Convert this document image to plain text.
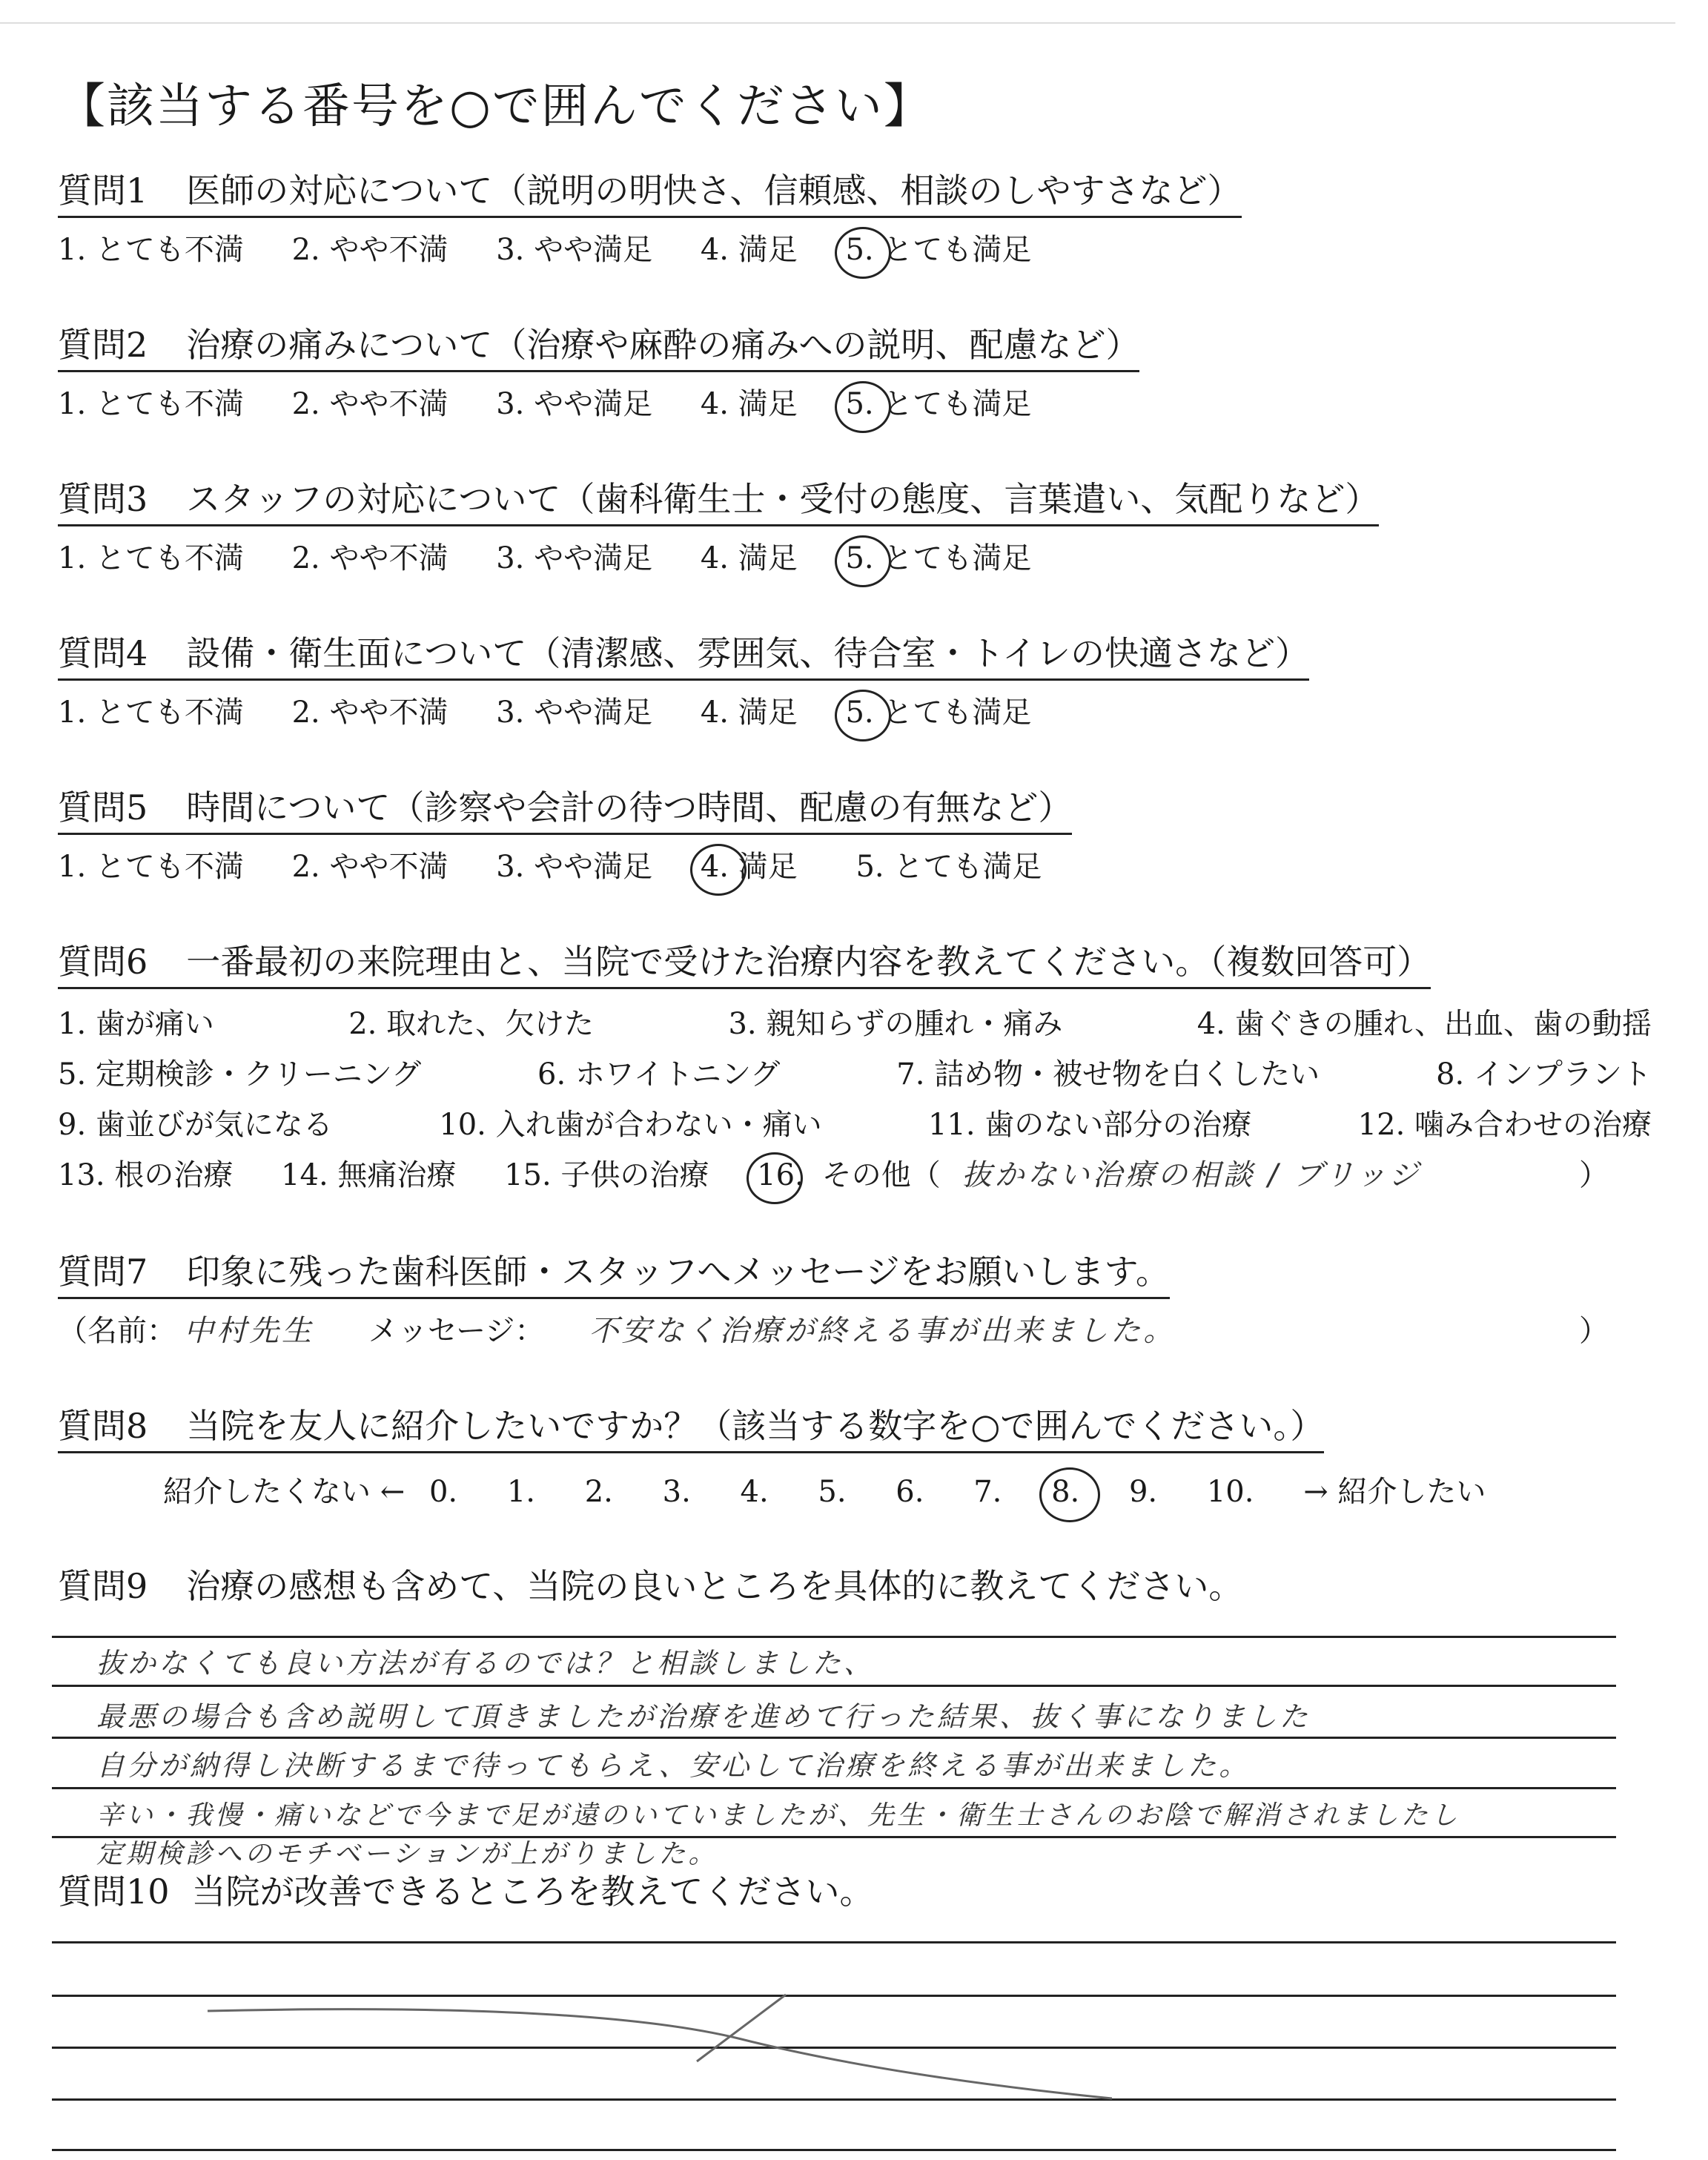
【該当する番号を○で囲んでください】
質問1 医師の対応について（説明の明快さ、信頼感、相談のしやすさなど）
1. とても不満 2. やや不満 3. やや満足 4. 満足 5. とても満足
質問2 治療の痛みについて（治療や麻酔の痛みへの説明、配慮など）
1. とても不満 2. やや不満 3. やや満足 4. 満足 5. とても満足
質問3 スタッフの対応について（歯科衛生士・受付の態度、言葉遣い、気配りなど）
1. とても不満 2. やや不満 3. やや満足 4. 満足 5. とても満足
質問4 設備・衛生面について（清潔感、雰囲気、待合室・トイレの快適さなど）
1. とても不満 2. やや不満 3. やや満足 4. 満足 5. とても満足
質問5 時間について（診察や会計の待つ時間、配慮の有無など）
1. とても不満 2. やや不満 3. やや満足 4. 満足 5. とても満足
質問6 一番最初の来院理由と、当院で受けた治療内容を教えてください。（複数回答可）
1. 歯が痛い	2. 取れた、欠けた	3. 親知らずの腫れ・痛み	4. 歯ぐきの腫れ、出血、歯の動揺
5. 定期検診・クリーニング	6. ホワイトニング	7. 詰め物・被せ物を白くしたい	8. インプラント
9. 歯並びが気になる	10. 入れ歯が合わない・痛い	11. 歯のない部分の治療	12. 噛み合わせの治療
13. 根の治療 14. 無痛治療 15. 子供の治療 16. その他（ 抜かない治療の相談 / ブリッジ	）
質問7 印象に残った歯科医師・スタッフへメッセージをお願いします。
（名前： 中村先生 メッセージ： 不安なく治療が終える事が出来ました。	）
質問8 当院を友人に紹介したいですか？（該当する数字を○で囲んでください。）
紹介したくない ← 0. 1. 2. 3. 4. 5. 6. 7. 8. 9. 10. → 紹介したい
質問9 治療の感想も含めて、当院の良いところを具体的に教えてください。
抜かなくても良い方法が有るのでは？と相談しました、
最悪の場合も含め説明して頂きましたが治療を進めて行った結果、抜く事になりました
自分が納得し決断するまで待ってもらえ、安心して治療を終える事が出来ました。
辛い・我慢・痛いなどで今まで足が遠のいていましたが、先生・衛生士さんのお陰で解消されましたし
定期検診へのモチベーションが上がりました。
質問10 当院が改善できるところを教えてください。
